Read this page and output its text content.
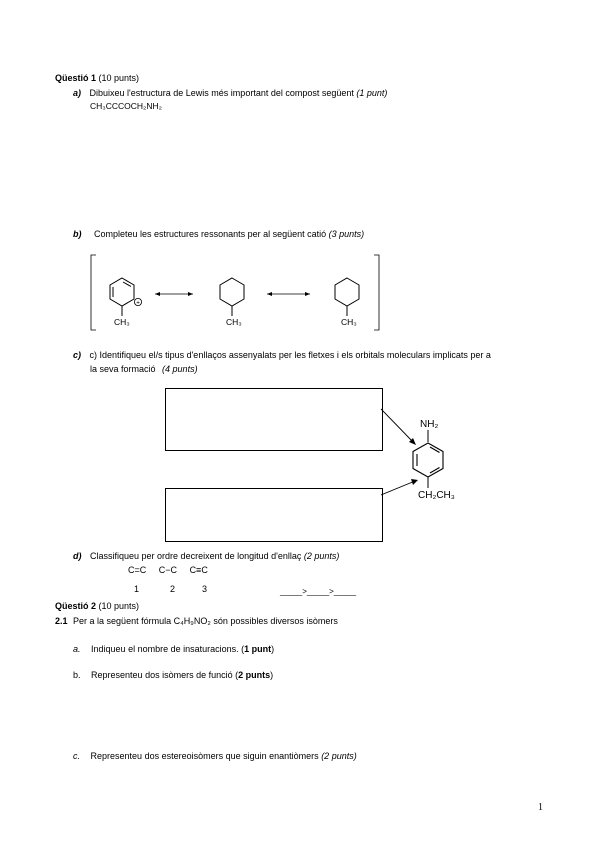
Qüestió 1 (10 punts)
a) Dibuixeu l'estructura de Lewis més important del compost següent (1 punt)
CH₃CCCOCH₂NH₂
b) Completeu les estructures ressonants per al següent catió (3 punts)
+
CH₃	CH₃	CH₃
c) c) Identifiqueu el/s tipus d'enllaços assenyalats per les fletxes i els orbitals moleculars implicats per a
la seva formació (4 punts)
NH₂
CH₂CH₃
d) Classifiqueu per ordre decreixent de longitud d'enllaç (2 punts)
C=C C−C C≡C
1	2	3	_____>_____>_____
Qüestió 2 (10 punts)
2.1 Per a la següent fórmula C₄H₉NO₂ són possibles diversos isòmers
a. Indiqueu el nombre de insaturacions. (1 punt)
b. Representeu dos isòmers de funció (2 punts)
c. Representeu dos estereoisòmers que siguin enantiòmers (2 punts)
1
